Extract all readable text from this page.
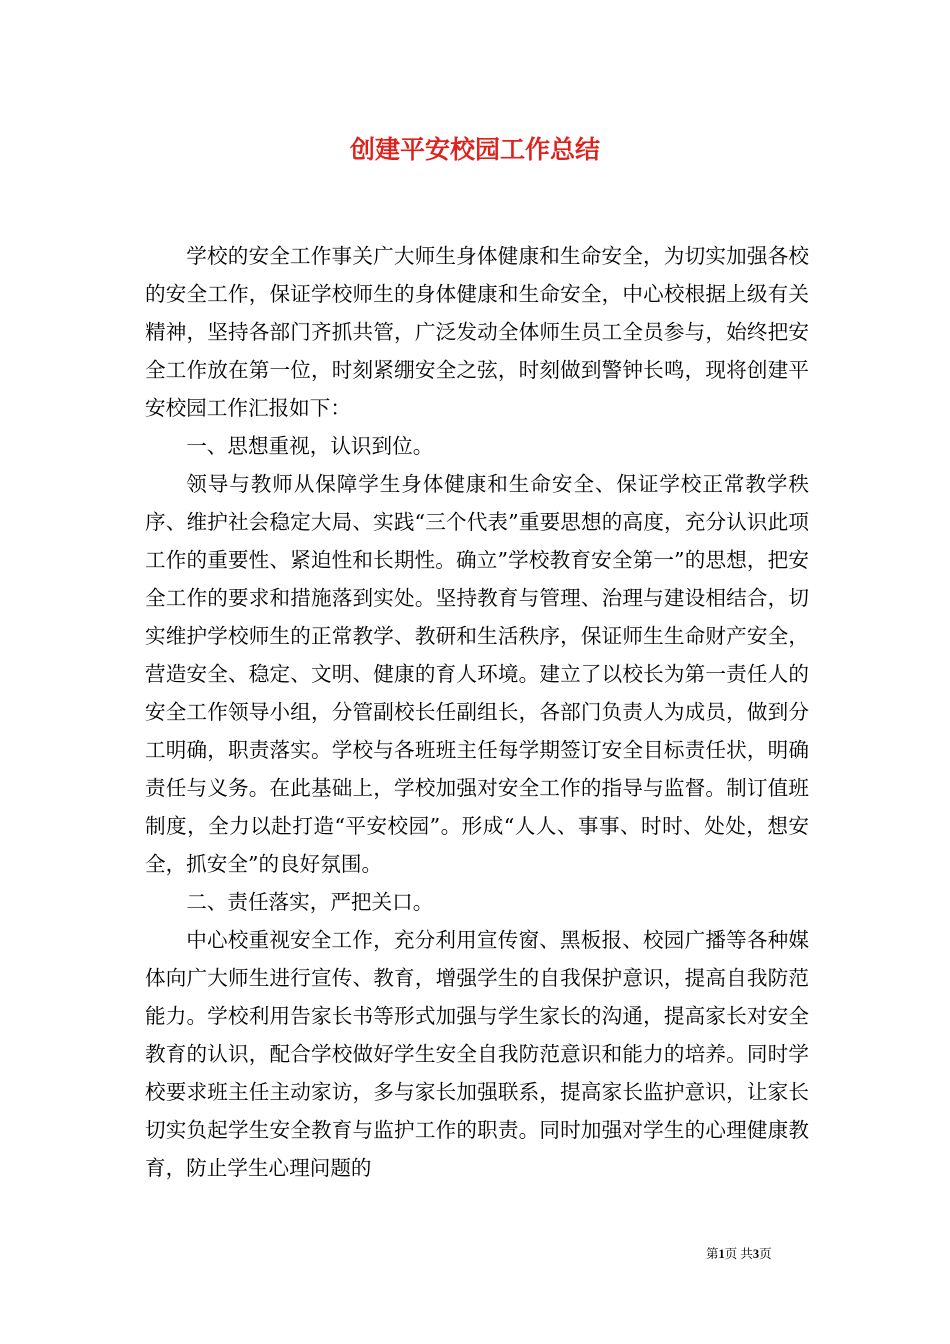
创建平安校园工作总结

学校的安全工作事关广大师生身体健康和生命安全，为切实加强各校的安全工作，保证学校师生的身体健康和生命安全，中心校根据上级有关精神，坚持各部门齐抓共管，广泛发动全体师生员工全员参与，始终把安全工作放在第一位，时刻紧绷安全之弦，时刻做到警钟长鸣，现将创建平安校园工作汇报如下：

一、思想重视，认识到位。

领导与教师从保障学生身体健康和生命安全、保证学校正常教学秩序、维护社会稳定大局、实践“三个代表”重要思想的高度，充分认识此项工作的重要性、紧迫性和长期性。确立”学校教育安全第一”的思想，把安全工作的要求和措施落到实处。坚持教育与管理、治理与建设相结合，切实维护学校师生的正常教学、教研和生活秩序，保证师生生命财产安全，营造安全、稳定、文明、健康的育人环境。建立了以校长为第一责任人的安全工作领导小组，分管副校长任副组长，各部门负责人为成员，做到分工明确，职责落实。学校与各班班主任每学期签订安全目标责任状，明确责任与义务。在此基础上，学校加强对安全工作的指导与监督。制订值班制度，全力以赴打造“平安校园”。形成“人人、事事、时时、处处，想安全，抓安全”的良好氛围。

二、责任落实，严把关口。

中心校重视安全工作，充分利用宣传窗、黑板报、校园广播等各种媒体向广大师生进行宣传、教育，增强学生的自我保护意识，提高自我防范能力。学校利用告家长书等形式加强与学生家长的沟通，提高家长对安全教育的认识，配合学校做好学生安全自我防范意识和能力的培养。同时学校要求班主任主动家访，多与家长加强联系，提高家长监护意识，让家长切实负起学生安全教育与监护工作的职责。同时加强对学生的心理健康教育，防止学生心理问题的

第1页 共3页
